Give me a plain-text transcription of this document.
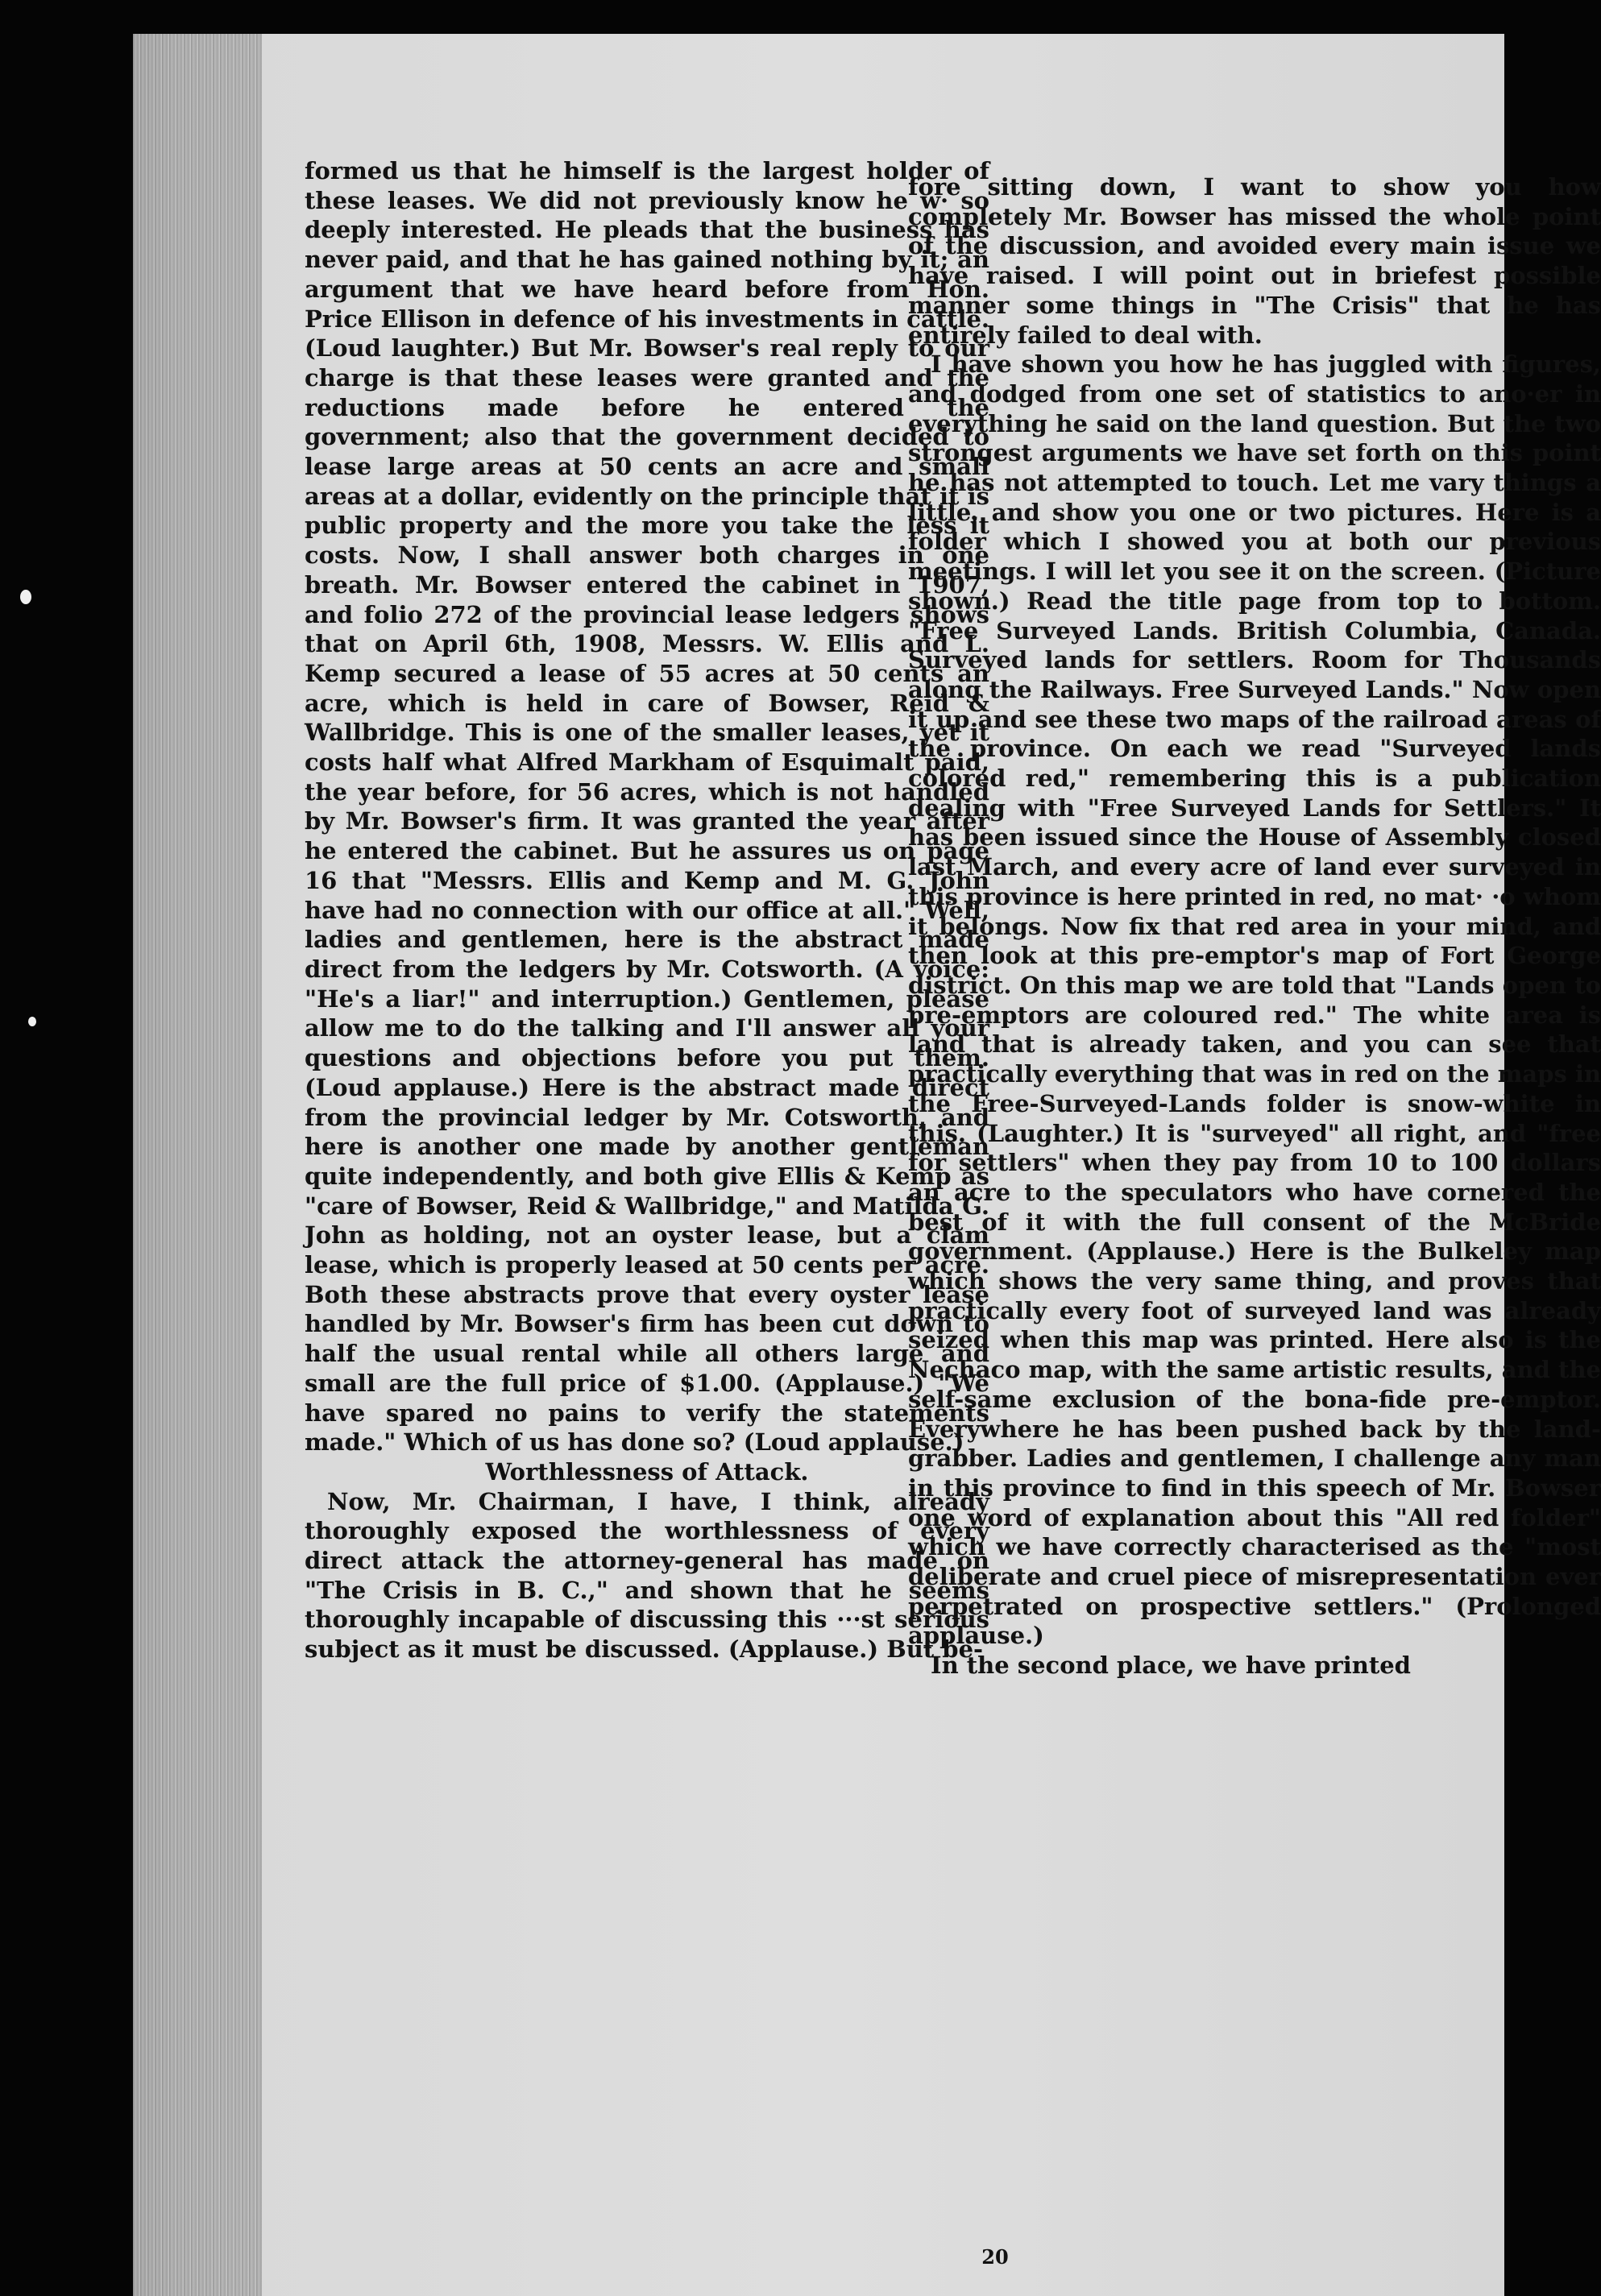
formed us that he himself is the largest holder of these leases. We did not previously know he w· so deeply interested. He pleads that the business has never paid, and that he has gained nothing by it; an argument that we have heard before from Hon. Price Ellison in defence of his investments in cattle. (Loud laughter.) But Mr. Bowser's real reply to our charge is that these leases were granted and the reductions made before he entered the government; also that the government decided to lease large areas at 50 cents an acre and small areas at a dollar, evidently on the principle that it is public property and the more you take the less it costs. Now, I shall answer both charges in one breath. Mr. Bowser entered the cabinet in 1907, and folio 272 of the provincial lease ledgers shows that on April 6th, 1908, Messrs. W. Ellis and L. Kemp secured a lease of 55 acres at 50 cents an acre, which is held in care of Bowser, Reid & Wallbridge. This is one of the smaller leases, yet it costs half what Alfred Markham of Esquimalt paid, the year before, for 56 acres, which is not handled by Mr. Bowser's firm. It was granted the year after he entered the cabinet. But he assures us on page 16 that "Messrs. Ellis and Kemp and M. G. John have had no connection with our office at all." Well, ladies and gentlemen, here is the abstract made direct from the ledgers by Mr. Cotsworth. (A voice: "He's a liar!" and interruption.) Gentlemen, please allow me to do the talking and I'll answer all your questions and objections before you put them. (Loud applause.) Here is the abstract made direct from the provincial ledger by Mr. Cotsworth, and here is another one made by another gentleman quite independently, and both give Ellis & Kemp as "care of Bowser, Reid & Wallbridge," and Matilda G. John as holding, not an oyster lease, but a clam lease, which is properly leased at 50 cents per acre. Both these abstracts prove that every oyster lease handled by Mr. Bowser's firm has been cut down to half the usual rental while all others large and small are the full price of $1.00. (Applause.) "We have spared no pains to verify the statements made." Which of us has done so? (Loud applause.)

Worthlessness of Attack.

Now, Mr. Chairman, I have, I think, already thoroughly exposed the worthlessness of every direct attack the attorney-general has made on "The Crisis in B. C.," and shown that he seems thoroughly incapable of discussing this ···st serious subject as it must be discussed. (Applause.) But be-

fore sitting down, I want to show you how completely Mr. Bowser has missed the whole point of the discussion, and avoided every main issue we have raised. I will point out in briefest possible manner some things in "The Crisis" that he has entirely failed to deal with.

I have shown you how he has juggled with figures, and dodged from one set of statistics to ano·er in everything he said on the land question. But the two strongest arguments we have set forth on this point he has not attempted to touch. Let me vary things a little, and show you one or two pictures. Here is a folder which I showed you at both our previous meetings. I will let you see it on the screen. (Picture shown.) Read the title page from top to bottom. "Free Surveyed Lands. British Columbia, Canada. Surveyed lands for settlers. Room for Thousands along the Railways. Free Surveyed Lands." Now open it up and see these two maps of the railroad areas of the province. On each we read "Surveyed lands colored red," remembering this is a publication dealing with "Free Surveyed Lands for Settlers." It has been issued since the House of Assembly closed last March, and every acre of land ever surveyed in this province is here printed in red, no mat· ·o whom it belongs. Now fix that red area in your mind, and then look at this pre-emptor's map of Fort George district. On this map we are told that "Lands open to pre-emptors are coloured red." The white area is land that is already taken, and you can see that practically everything that was in red on the maps in the Free-Surveyed-Lands folder is snow-white in this. (Laughter.) It is "surveyed" all right, and "free for settlers" when they pay from 10 to 100 dollars an acre to the speculators who have cornered the best of it with the full consent of the McBride government. (Applause.) Here is the Bulkeley map which shows the very same thing, and proves that practically every foot of surveyed land was already seized when this map was printed. Here also is the Nechaco map, with the same artistic results, and the self-same exclusion of the bona-fide pre-emptor. Everywhere he has been pushed back by the land-grabber. Ladies and gentlemen, I challenge any man in this province to find in this speech of Mr. Bowser one word of explanation about this "All red folder" which we have correctly characterised as the "most deliberate and cruel piece of misrepresentation ever perpetrated on prospective settlers." (Prolonged applause.)

In the second place, we have printed

20
